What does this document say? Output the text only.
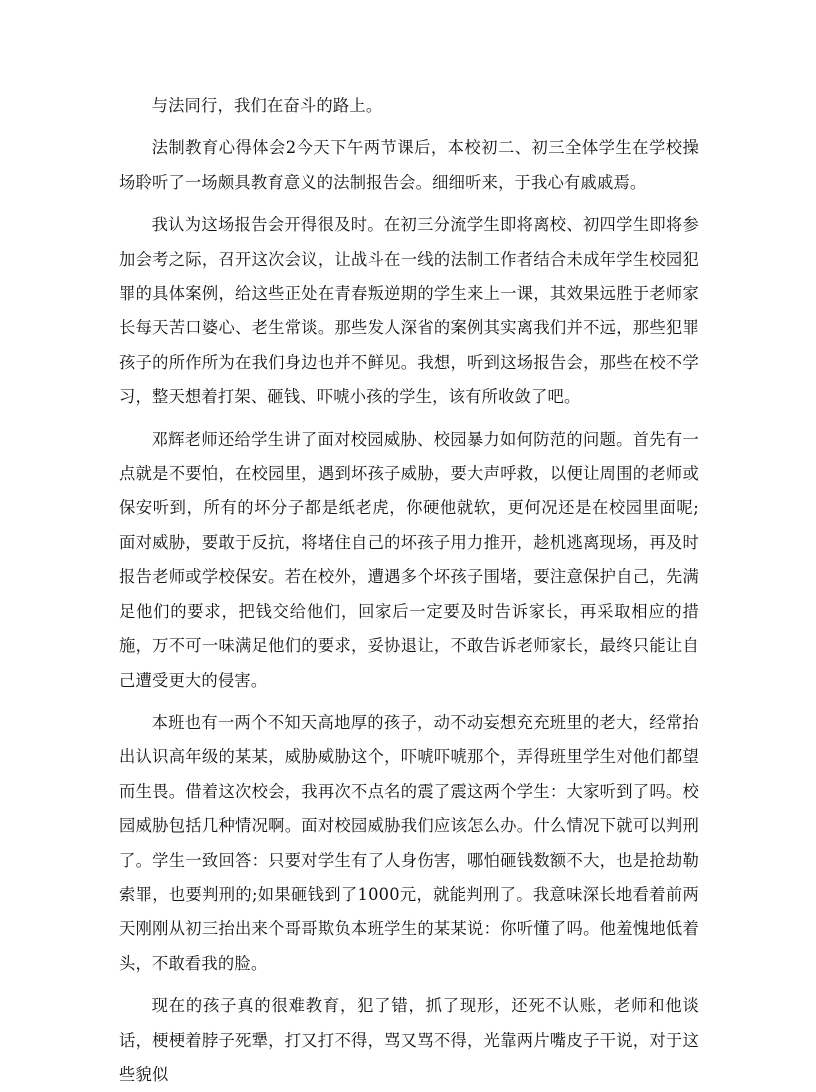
与法同行，我们在奋斗的路上。

法制教育心得体会2今天下午两节课后，本校初二、初三全体学生在学校操场聆听了一场颇具教育意义的法制报告会。细细听来，于我心有戚戚焉。

我认为这场报告会开得很及时。在初三分流学生即将离校、初四学生即将参加会考之际，召开这次会议，让战斗在一线的法制工作者结合未成年学生校园犯罪的具体案例，给这些正处在青春叛逆期的学生来上一课，其效果远胜于老师家长每天苦口婆心、老生常谈。那些发人深省的案例其实离我们并不远，那些犯罪孩子的所作所为在我们身边也并不鲜见。我想，听到这场报告会，那些在校不学习，整天想着打架、砸钱、吓唬小孩的学生，该有所收敛了吧。

邓辉老师还给学生讲了面对校园威胁、校园暴力如何防范的问题。首先有一点就是不要怕，在校园里，遇到坏孩子威胁，要大声呼救，以便让周围的老师或保安听到，所有的坏分子都是纸老虎，你硬他就软，更何况还是在校园里面呢;面对威胁，要敢于反抗，将堵住自己的坏孩子用力推开，趁机逃离现场，再及时报告老师或学校保安。若在校外，遭遇多个坏孩子围堵，要注意保护自己，先满足他们的要求，把钱交给他们，回家后一定要及时告诉家长，再采取相应的措施，万不可一味满足他们的要求，妥协退让，不敢告诉老师家长，最终只能让自己遭受更大的侵害。

本班也有一两个不知天高地厚的孩子，动不动妄想充充班里的老大，经常抬出认识高年级的某某，威胁威胁这个，吓唬吓唬那个，弄得班里学生对他们都望而生畏。借着这次校会，我再次不点名的震了震这两个学生：大家听到了吗。校园威胁包括几种情况啊。面对校园威胁我们应该怎么办。什么情况下就可以判刑了。学生一致回答：只要对学生有了人身伤害，哪怕砸钱数额不大，也是抢劫勒索罪，也要判刑的;如果砸钱到了1000元，就能判刑了。我意味深长地看着前两天刚刚从初三抬出来个哥哥欺负本班学生的某某说：你听懂了吗。他羞愧地低着头，不敢看我的脸。

现在的孩子真的很难教育，犯了错，抓了现形，还死不认账，老师和他谈话，梗梗着脖子死犟，打又打不得，骂又骂不得，光靠两片嘴皮子干说，对于这些貌似
